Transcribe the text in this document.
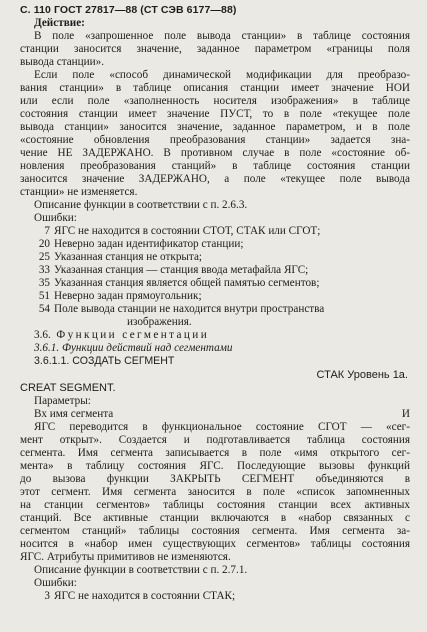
С. 110 ГОСТ 27817—88 (СТ СЭВ 6177—88)
Действие:
В поле «запрошенное поле вывода станции» в таблице состояния
станции заносится значение, заданное параметром «границы поля
вывода станции».
Если поле «способ динамической модификации для преобразо-
вания станции» в таблице описания станции имеет значение НОИ
или если поле «заполненность носителя изображения» в таблице
состояния станции имеет значение ПУСТ, то в поле «текущее поле
вывода станции» заносится значение, заданное параметром, и в поле
«состояние обновления преобразования станции» задается зна-
чение НЕ ЗАДЕРЖАНО. В противном случае в поле «состояние об-
новления преобразования станций» в таблице состояния станции
заносится значение ЗАДЕРЖАНО, а поле «текущее поле вывода
станции» не изменяется.
Описание функции в соответствии с п. 2.6.3.
Ошибки:
7 ЯГС не находится в состоянии СТОТ, СТАК или СГОТ;
20 Неверно задан идентификатор станции;
25 Указанная станция не открыта;
33 Указанная станция — станция ввода метафайла ЯГС;
35 Указанная станция является общей памятью сегментов;
51 Неверно задан прямоугольник;
54 Поле вывода станции не находится внутри пространства
изображения.
3.6. Функции сегментации
3.6.1. Функции действий над сегментами
3.6.1.1. СОЗДАТЬ СЕГМЕНТ
СТАК Уровень 1а.
CREAT SEGMENT.
Параметры:
Вх имя сегмента	И
ЯГС переводится в функциональное состояние СГОТ — «сег-
мент открыт». Создается и подготавливается таблица состояния
сегмента. Имя сегмента записывается в поле «имя открытого сег-
мента» в таблицу состояния ЯГС. Последующие вызовы функций
до вызова функции ЗАКРЫТЬ СЕГМЕНТ объединяются в
этот сегмент. Имя сегмента заносится в поле «список запомненных
на станции сегментов» таблицы состояния станции всех активных
станций. Все активные станции включаются в «набор связанных с
сегментом станций» таблицы состояния сегмента. Имя сегмента за-
носится в «набор имен существующих сегментов» таблицы состояния
ЯГС. Атрибуты примитивов не изменяются.
Описание функции в соответствии с п. 2.7.1.
Ошибки:
3 ЯГС не находится в состоянии СТАК;
